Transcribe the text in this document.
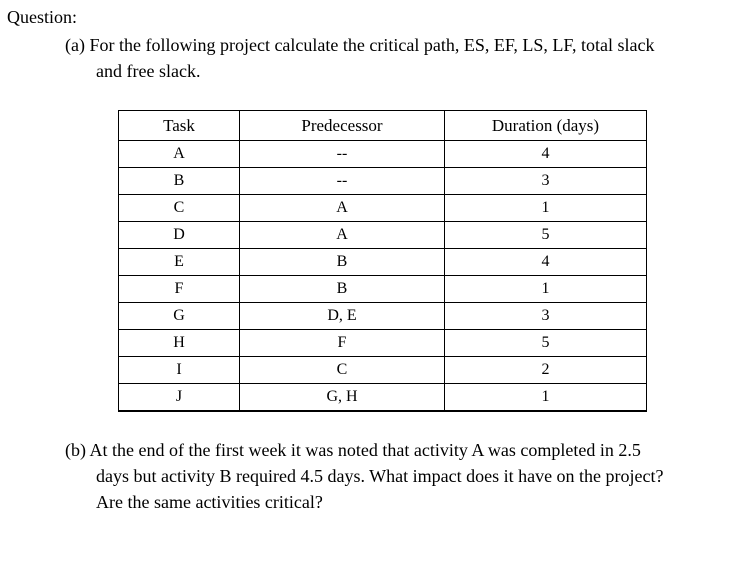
Question:
(a) For the following project calculate the critical path, ES, EF, LS, LF, total slack
and free slack.
Task	Predecessor	Duration (days)
A	--	4
B	--	3
C	A	1
D	A	5
E	B	4
F	B	1
G	D, E	3
H	F	5
I	C	2
J	G, H	1
(b) At the end of the first week it was noted that activity A was completed in 2.5
days but activity B required 4.5 days. What impact does it have on the project?
Are the same activities critical?
